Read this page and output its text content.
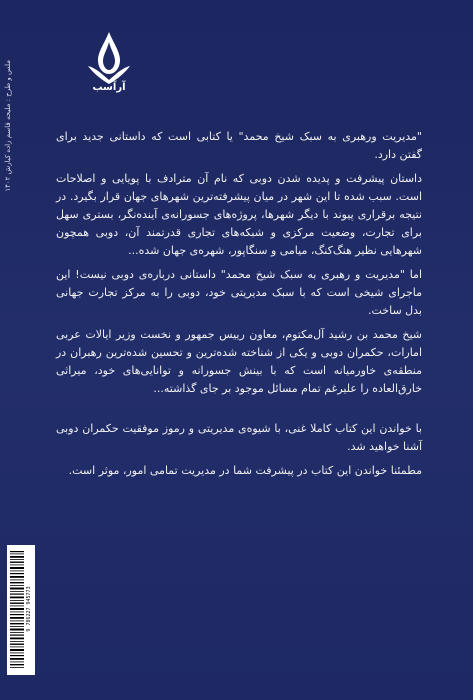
ملس و طرح : ملیحه قاسم زاده کیارش ۱۴۰۲	آرآسب

"مدیریت ورهبری به سبک شیخ محمد" یا کتابی است که داستانی جدید برای گفتن دارد.

داستان پیشرفت و پدیده شدن دوبی که نام آن مترادف با پویایی و اصلاحات است. سبب شده تا این شهر در میان پیشرفته‌ترین شهرهای جهان قرار بگیرد. در نتیجه برقراری پیوند با دیگر شهرها، پروژه‌های جسورانه‌ی آینده‌نگر، بستری سهل برای تجارت، وضعیت مرکزی و شبکه‌های تجاری قدرتمند آن، دوبی همچون شهرهایی نظیر هنگ‌کنگ، میامی و سنگاپور، شهره‌ی جهان شده...

اما "مدیریت و رهبری به سبک شیخ محمد" داستانی درباره‌ی دوبی نیست! این ماجرای شیخی است که با سبک مدیریتی خود، دوبی را به مرکز تجارت جهانی بدل ساخت.

شیخ محمد بن رشید آل‌مکتوم، معاون رییس جمهور و نخست وزیر ایالات عربی امارات، حکمران دوبی و یکی از شناخته شده‌ترین و تحسین شده‌ترین رهبران در منطقه‌ی خاورمیانه است که با بینش جسورانه و توانایی‌های خود، میراثی خارق‌العاده را علیرغم تمام مسائل موجود بر جای گذاشته...

با خواندن این کتاب کاملا غنی، با شیوه‌ی مدیریتی و رموز موفقیت حکمران دوبی آشنا خواهید شد.

مطمئنا خواندن این کتاب در پیشرفت شما در مدیریت تمامی امور، موثر است.

9 786227 945773
